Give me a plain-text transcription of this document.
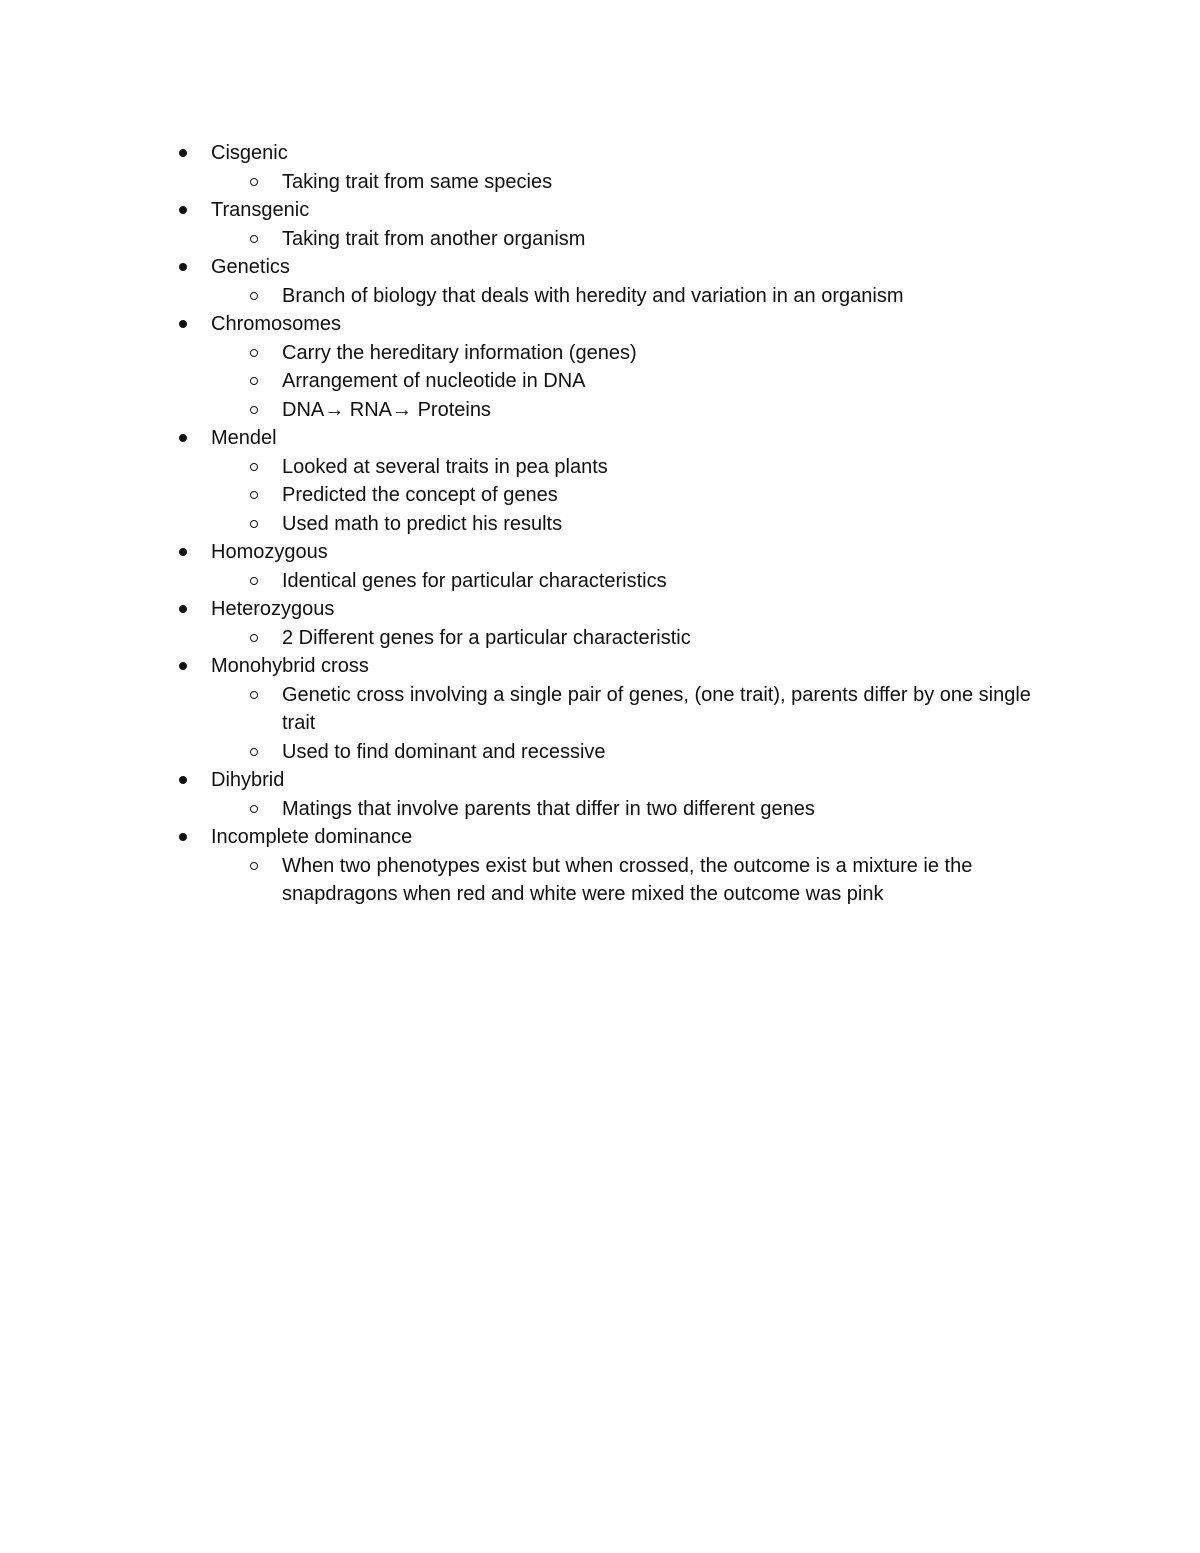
Cisgenic
Taking trait from same species
Transgenic
Taking trait from another organism
Genetics
Branch of biology that deals with heredity and variation in an organism
Chromosomes
Carry the hereditary information (genes)
Arrangement of nucleotide in DNA
DNA→ RNA→ Proteins
Mendel
Looked at several traits in pea plants
Predicted the concept of genes
Used math to predict his results
Homozygous
Identical genes for particular characteristics
Heterozygous
2 Different genes for a particular characteristic
Monohybrid cross
Genetic cross involving a single pair of genes, (one trait), parents differ by one single trait
Used to find dominant and recessive
Dihybrid
Matings that involve parents that differ in two different genes
Incomplete dominance
When two phenotypes exist but when crossed, the outcome is a mixture ie the snapdragons when red and white were mixed the outcome was pink
